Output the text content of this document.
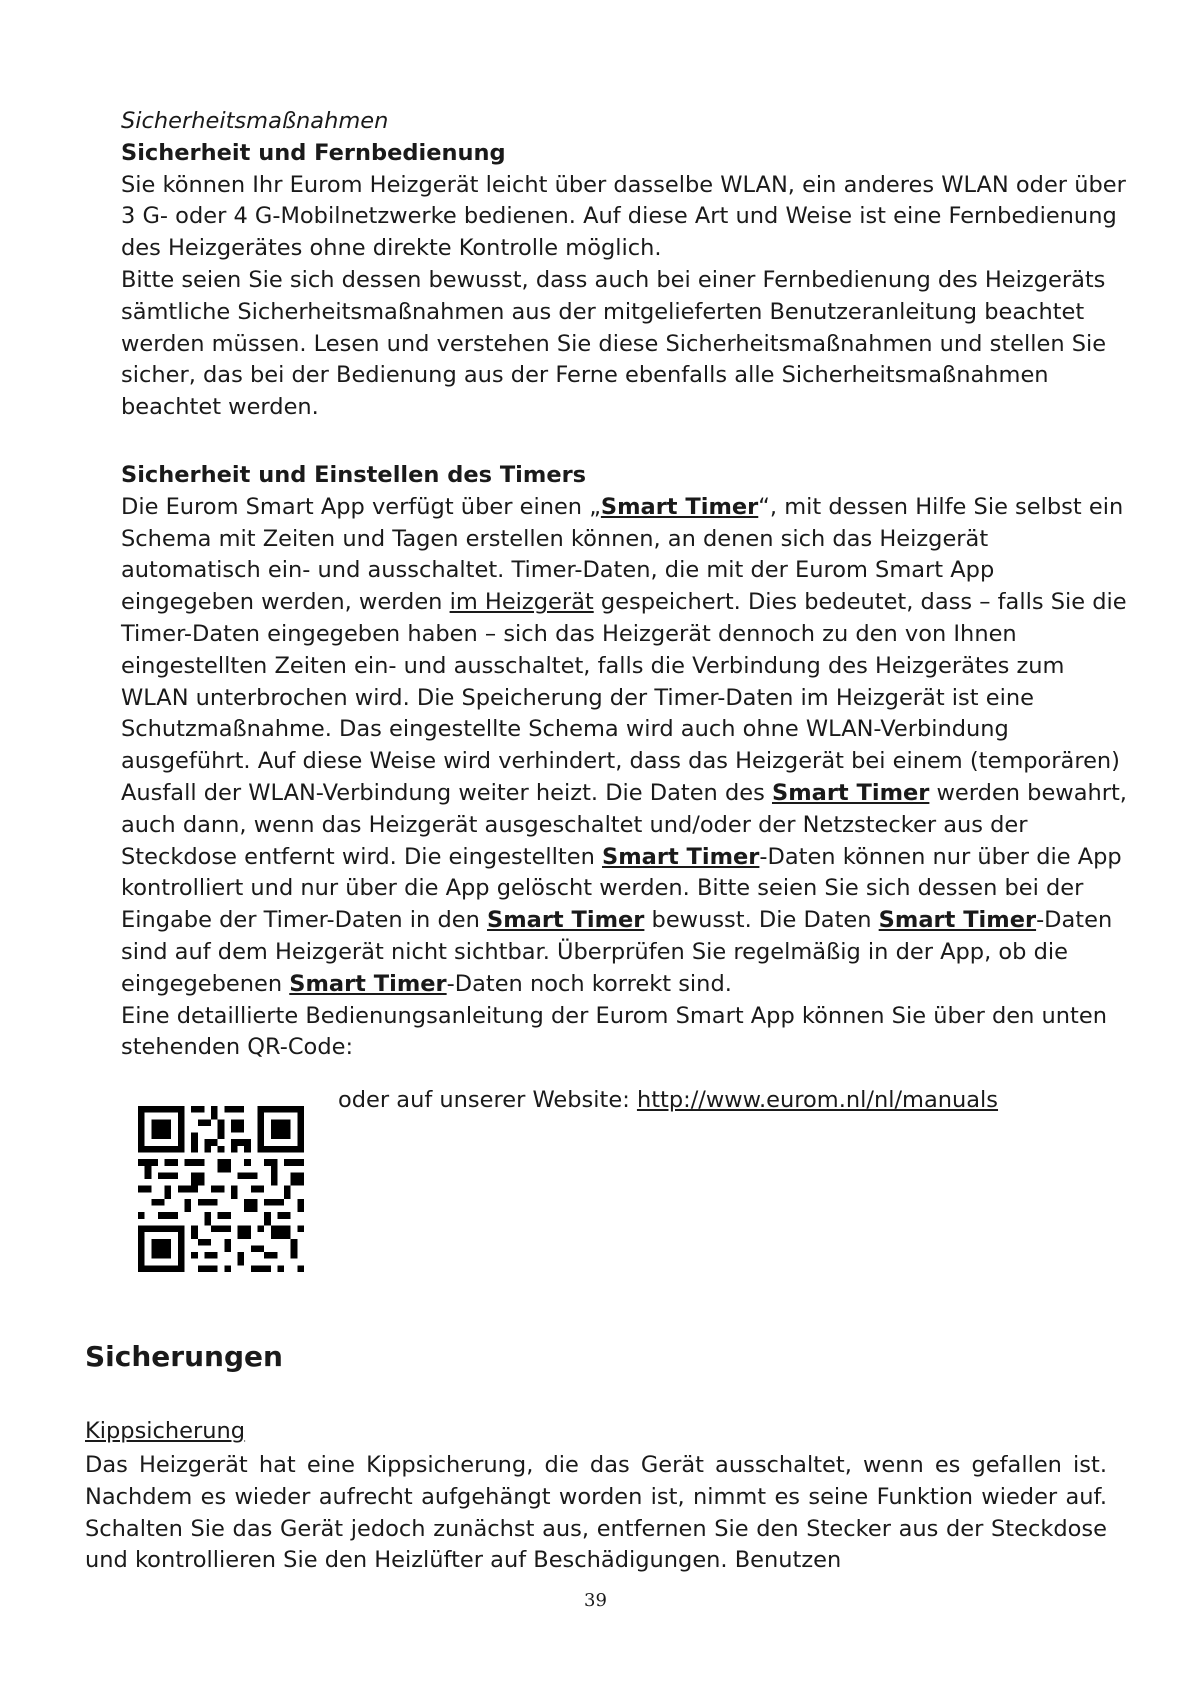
Sicherheitsmaßnahmen

Sicherheit und Fernbedienung

Sie können Ihr Eurom Heizgerät leicht über dasselbe WLAN, ein anderes WLAN oder über 3 G- oder 4 G-Mobilnetzwerke bedienen. Auf diese Art und Weise ist eine Fernbedienung des Heizgerätes ohne direkte Kontrolle möglich.

Bitte seien Sie sich dessen bewusst, dass auch bei einer Fernbedienung des Heizgeräts sämtliche Sicherheitsmaßnahmen aus der mitgelieferten Benutzeranleitung beachtet werden müssen. Lesen und verstehen Sie diese Sicherheitsmaßnahmen und stellen Sie sicher, das bei der Bedienung aus der Ferne ebenfalls alle Sicherheitsmaßnahmen beachtet werden.

Sicherheit und Einstellen des Timers

Die Eurom Smart App verfügt über einen „Smart Timer“, mit dessen Hilfe Sie selbst ein Schema mit Zeiten und Tagen erstellen können, an denen sich das Heizgerät automatisch ein- und ausschaltet. Timer-Daten, die mit der Eurom Smart App eingegeben werden, werden im Heizgerät gespeichert. Dies bedeutet, dass – falls Sie die Timer-Daten eingegeben haben – sich das Heizgerät dennoch zu den von Ihnen eingestellten Zeiten ein- und ausschaltet, falls die Verbindung des Heizgerätes zum WLAN unterbrochen wird. Die Speicherung der Timer-Daten im Heizgerät ist eine Schutzmaßnahme. Das eingestellte Schema wird auch ohne WLAN-Verbindung ausgeführt. Auf diese Weise wird verhindert, dass das Heizgerät bei einem (temporären) Ausfall der WLAN-Verbindung weiter heizt. Die Daten des Smart Timer werden bewahrt, auch dann, wenn das Heizgerät ausgeschaltet und/oder der Netzstecker aus der Steckdose entfernt wird. Die eingestellten Smart Timer-Daten können nur über die App kontrolliert und nur über die App gelöscht werden. Bitte seien Sie sich dessen bei der Eingabe der Timer-Daten in den Smart Timer bewusst. Die Daten Smart Timer-Daten sind auf dem Heizgerät nicht sichtbar. Überprüfen Sie regelmäßig in der App, ob die eingegebenen Smart Timer-Daten noch korrekt sind.

Eine detaillierte Bedienungsanleitung der Eurom Smart App können Sie über den unten stehenden QR-Code:

oder auf unserer Website: http://www.eurom.nl/nl/manuals

Sicherungen

Kippsicherung

Das Heizgerät hat eine Kippsicherung, die das Gerät ausschaltet, wenn es gefallen ist. Nachdem es wieder aufrecht aufgehängt worden ist, nimmt es seine Funktion wieder auf. Schalten Sie das Gerät jedoch zunächst aus, entfernen Sie den Stecker aus der Steckdose und kontrollieren Sie den Heizlüfter auf Beschädigungen. Benutzen

39
